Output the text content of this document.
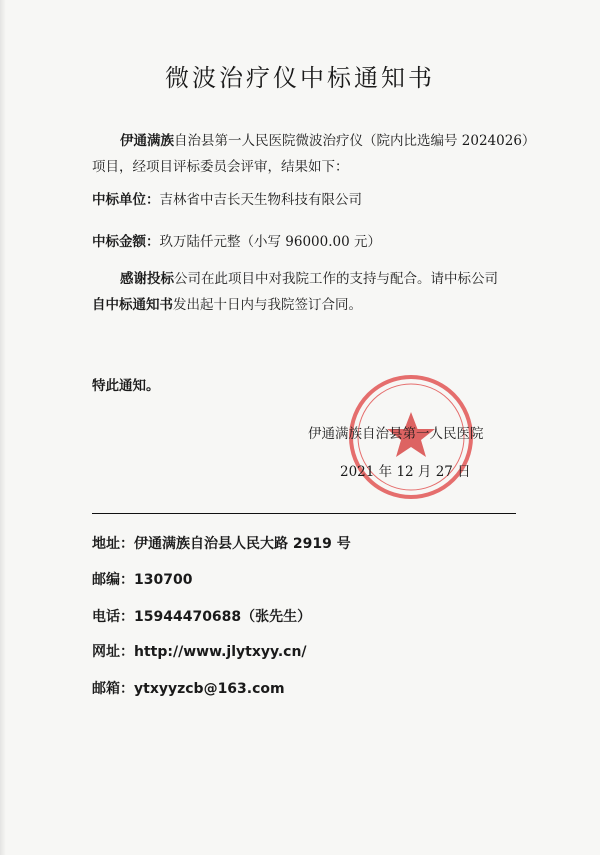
微波治疗仪中标通知书
伊通满族自治县第一人民医院微波治疗仪（院内比选编号 2024026）项目，经项目评标委员会评审，结果如下：
中标单位：吉林省中吉长天生物科技有限公司
中标金额：玖万陆仟元整（小写 96000.00 元）
感谢投标公司在此项目中对我院工作的支持与配合。请中标公司
自中标通知书发出起十日内与我院签订合同。
特此通知。
伊通满族自治县第一人民医院
2021 年 12 月 27 日
地址：伊通满族自治县人民大路 2919 号
邮编：130700
电话：15944470688（张先生）
网址：http://www.jlytxyy.cn/
邮箱：ytxyyzcb@163.com
